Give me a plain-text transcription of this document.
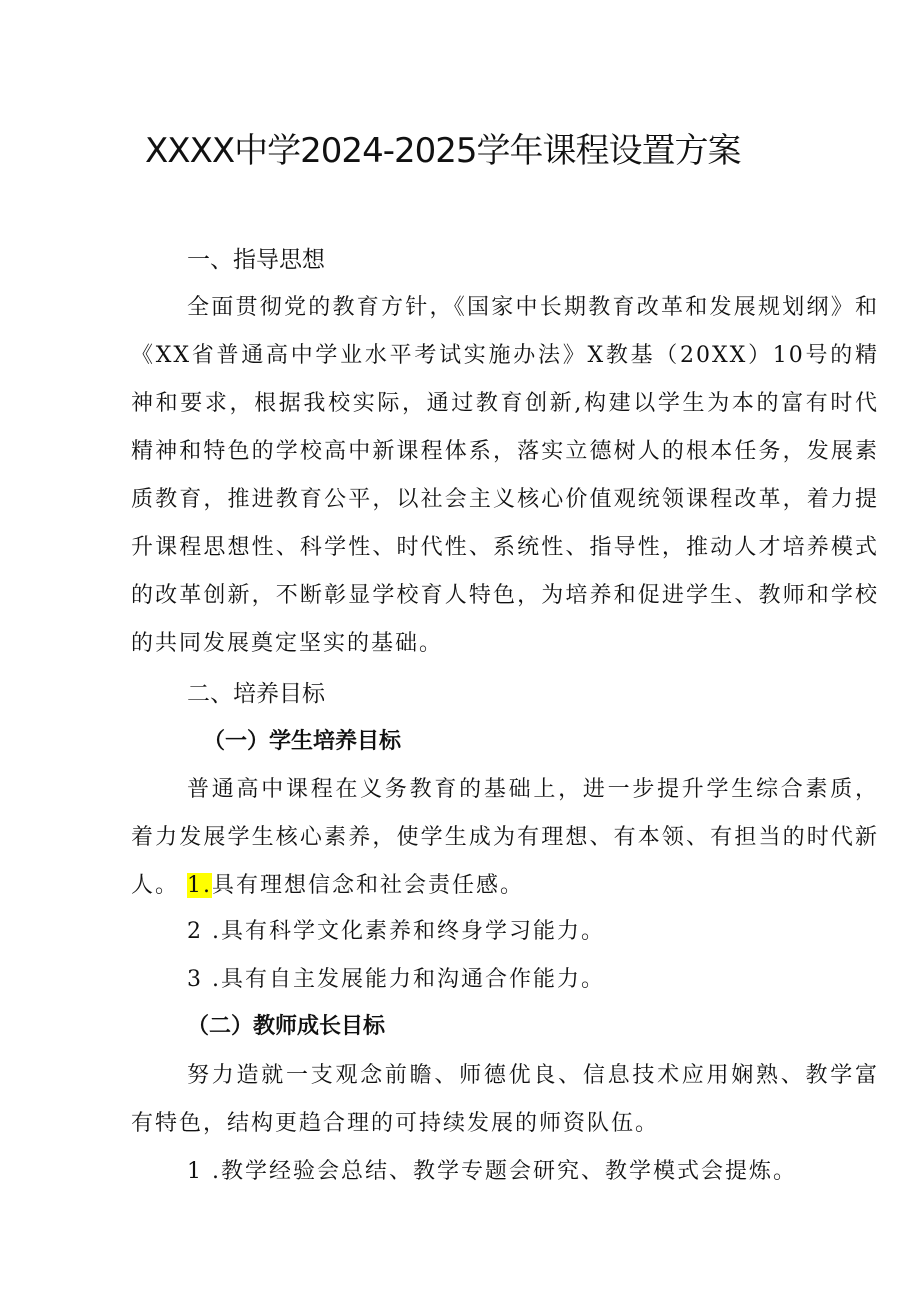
XXXX中学2024-2025学年课程设置方案
一、指导思想
全面贯彻党的教育方针，《国家中长期教育改革和发展规划纲》和《XX省普通高中学业水平考试实施办法》X教基（20XX）10号的精神和要求，根据我校实际，通过教育创新,构建以学生为本的富有时代精神和特色的学校高中新课程体系，落实立德树人的根本任务，发展素质教育，推进教育公平，以社会主义核心价值观统领课程改革，着力提升课程思想性、科学性、时代性、系统性、指导性，推动人才培养模式的改革创新，不断彰显学校育人特色，为培养和促进学生、教师和学校的共同发展奠定坚实的基础。
二、培养目标
（一）学生培养目标
普通高中课程在义务教育的基础上，进一步提升学生综合素质，着力发展学生核心素养，使学生成为有理想、有本领、有担当的时代新人。 1.具有理想信念和社会责任感。
2 .具有科学文化素养和终身学习能力。
3 .具有自主发展能力和沟通合作能力。
（二）教师成长目标
努力造就一支观念前瞻、师德优良、信息技术应用娴熟、教学富有特色，结构更趋合理的可持续发展的师资队伍。
1 .教学经验会总结、教学专题会研究、教学模式会提炼。
